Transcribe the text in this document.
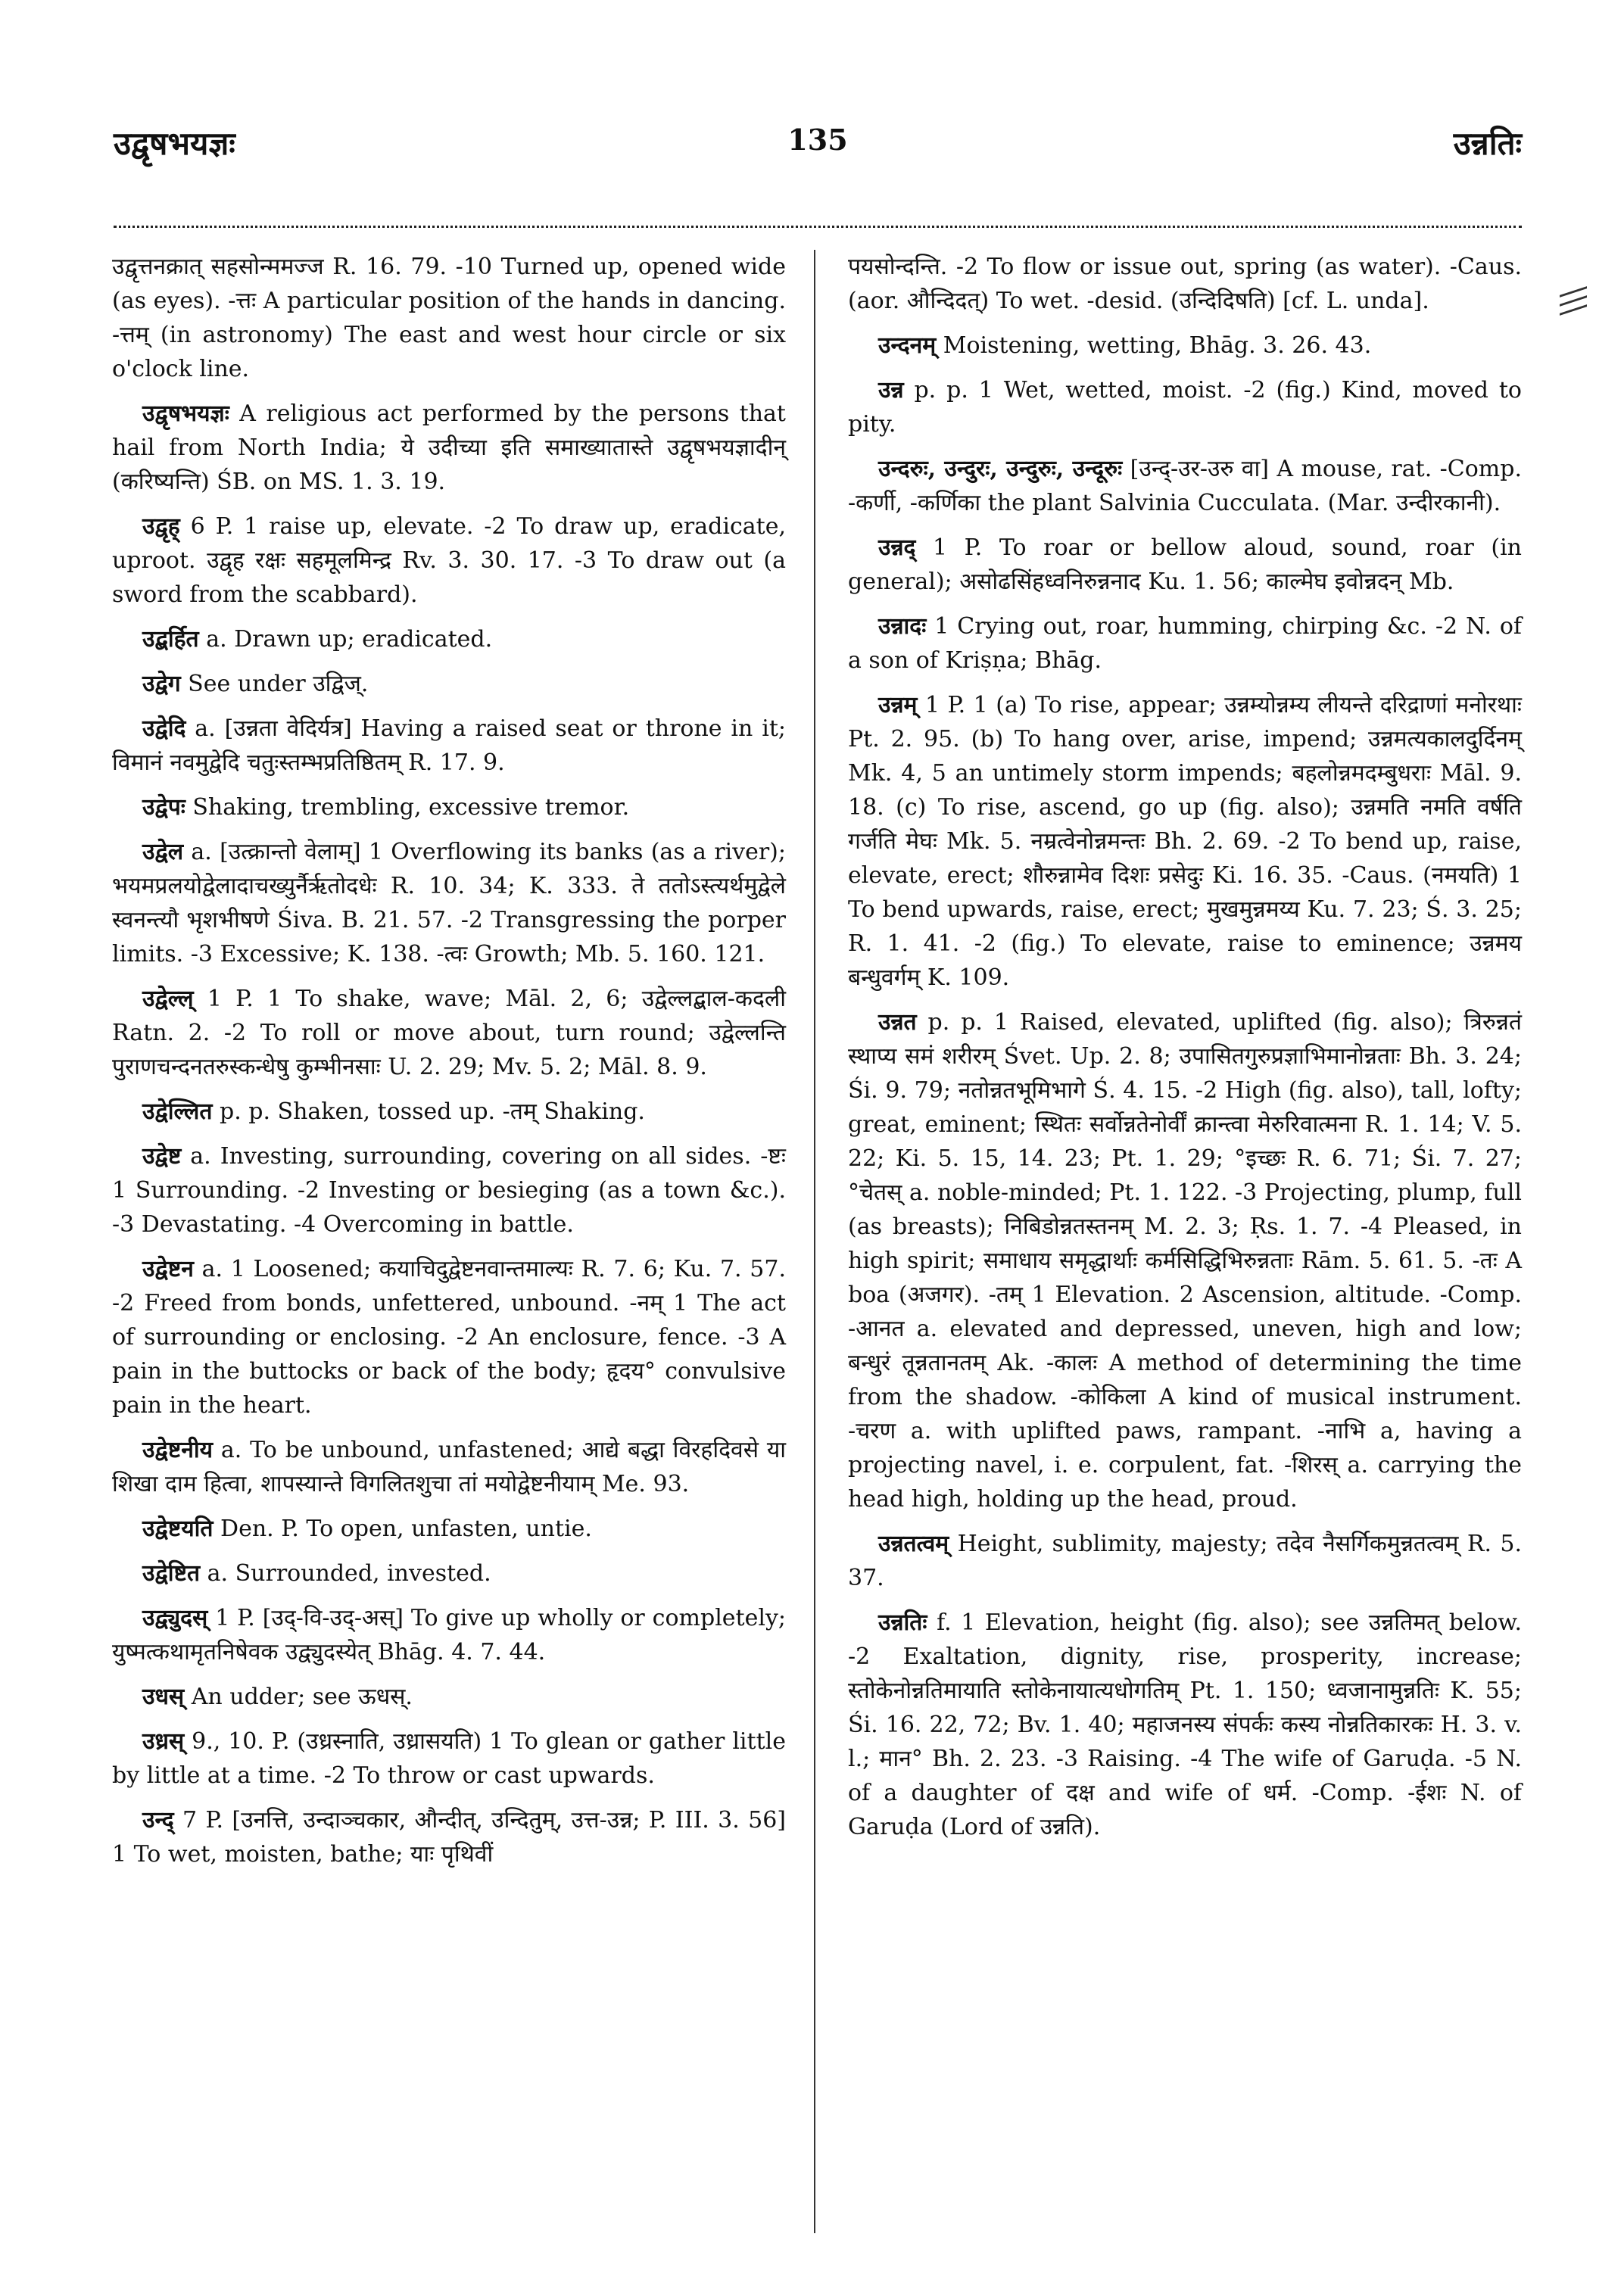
उद्वृषभयज्ञः	135	उन्नतिः

उद्वृत्तनक्रात् सहसोन्ममज्ज R. 16. 79. -10 Turned up, opened wide (as eyes). -त्तः A particular position of the hands in dancing. -त्तम् (in astronomy) The east and west hour circle or six o'clock line.

उद्वृषभयज्ञः A religious act performed by the persons that hail from North India; ये उदीच्या इति समाख्यातास्ते उद्वृषभयज्ञादीन् (करिष्यन्ति) ŚB. on MS. 1. 3. 19.

उद्वृह् 6 P. 1 raise up, elevate. -2 To draw up, eradicate, uproot. उद्वृह रक्षः सहमूलमिन्द्र Rv. 3. 30. 17. -3 To draw out (a sword from the scabbard).

उद्बर्हित a. Drawn up; eradicated.

उद्वेग See under उद्विज्.

उद्वेदि a. [उन्नता वेदिर्यत्र] Having a raised seat or throne in it; विमानं नवमुद्वेदि चतुःस्तम्भप्रतिष्ठितम् R. 17. 9.

उद्वेपः Shaking, trembling, excessive tremor.

उद्वेल a. [उत्क्रान्तो वेलाम्] 1 Overflowing its banks (as a river); भयमप्रलयोद्वेलादाचख्युर्नैर्ऋतोदधेः R. 10. 34; K. 333. ते ततोऽस्त्यर्थमुद्वेले स्वनन्त्यौ भृशभीषणे Śiva. B. 21. 57. -2 Transgressing the porper limits. -3 Excessive; K. 138. -त्वः Growth; Mb. 5. 160. 121.

उद्वेल्ल् 1 P. 1 To shake, wave; Māl. 2, 6; उद्वेल्लद्बाल-कदली Ratn. 2. -2 To roll or move about, turn round; उद्वेल्लन्ति पुराणचन्दनतरुस्कन्धेषु कुम्भीनसाः U. 2. 29; Mv. 5. 2; Māl. 8. 9.

उद्वेल्लित p. p. Shaken, tossed up. -तम् Shaking.

उद्वेष्ट a. Investing, surrounding, covering on all sides. -ष्टः 1 Surrounding. -2 Investing or besieging (as a town &c.). -3 Devastating. -4 Overcoming in battle.

उद्वेष्टन a. 1 Loosened; कयाचिदुद्वेष्टनवान्तमाल्यः R. 7. 6; Ku. 7. 57. -2 Freed from bonds, unfettered, unbound. -नम् 1 The act of surrounding or enclosing. -2 An enclosure, fence. -3 A pain in the buttocks or back of the body; हृदय° convulsive pain in the heart.

उद्वेष्टनीय a. To be unbound, unfastened; आद्ये बद्धा विरहदिवसे या शिखा दाम हित्वा, शापस्यान्ते विगलितशुचा तां मयोद्वेष्टनीयाम् Me. 93.

उद्वेष्टयति Den. P. To open, unfasten, untie.

उद्वेष्टित a. Surrounded, invested.

उद्व्युदस् 1 P. [उद्-वि-उद्-अस्] To give up wholly or completely; युष्मत्कथामृतनिषेवक उद्व्युदस्येत् Bhāg. 4. 7. 44.

उधस् An udder; see ऊधस्.

उध्रस् 9., 10. P. (उध्रस्नाति, उध्रासयति) 1 To glean or gather little by little at a time. -2 To throw or cast upwards.

उन्द् 7 P. [उनत्ति, उन्दाञ्चकार, औन्दीत्, उन्दितुम्, उत्त-उन्न; P. III. 3. 56] 1 To wet, moisten, bathe; याः पृथिवीं

पयसोन्दन्ति. -2 To flow or issue out, spring (as water). -Caus. (aor. औन्दिदत्) To wet. -desid. (उन्दिदिषति) [cf. L. unda].

उन्दनम् Moistening, wetting, Bhāg. 3. 26. 43.

उन्न p. p. 1 Wet, wetted, moist. -2 (fig.) Kind, moved to pity.

उन्दरुः, उन्दुरः, उन्दुरुः, उन्दूरुः [उन्द्-उर-उरु वा] A mouse, rat. -Comp. -कर्णी, -कर्णिका the plant Salvinia Cucculata. (Mar. उन्दीरकानी).

उन्नद् 1 P. To roar or bellow aloud, sound, roar (in general); असोढसिंहध्वनिरुन्ननाद Ku. 1. 56; काल्मेघ इवोन्नदन् Mb.

उन्नादः 1 Crying out, roar, humming, chirping &c. -2 N. of a son of Kriṣṇa; Bhāg.

उन्नम् 1 P. 1 (a) To rise, appear; उन्नम्योन्नम्य लीयन्ते दरिद्राणां मनोरथाः Pt. 2. 95. (b) To hang over, arise, impend; उन्नमत्यकालदुर्दिनम् Mk. 4, 5 an untimely storm impends; बहलोन्नमदम्बुधराः Māl. 9. 18. (c) To rise, ascend, go up (fig. also); उन्नमति नमति वर्षति गर्जति मेघः Mk. 5. नम्रत्वेनोन्नमन्तः Bh. 2. 69. -2 To bend up, raise, elevate, erect; शौरुन्नामेव दिशः प्रसेदुः Ki. 16. 35. -Caus. (नमयति) 1 To bend upwards, raise, erect; मुखमुन्नमय्य Ku. 7. 23; Ś. 3. 25; R. 1. 41. -2 (fig.) To elevate, raise to eminence; उन्नमय बन्धुवर्गम् K. 109.

उन्नत p. p. 1 Raised, elevated, uplifted (fig. also); त्रिरुन्नतं स्थाप्य समं शरीरम् Śvet. Up. 2. 8; उपासितगुरुप्रज्ञाभिमानोन्नताः Bh. 3. 24; Śi. 9. 79; नतोन्नतभूमिभागे Ś. 4. 15. -2 High (fig. also), tall, lofty; great, eminent; स्थितः सर्वोन्नतेनोर्वीं क्रान्त्वा मेरुरिवात्मना R. 1. 14; V. 5. 22; Ki. 5. 15, 14. 23; Pt. 1. 29; °इच्छः R. 6. 71; Śi. 7. 27; °चेतस् a. noble-minded; Pt. 1. 122. -3 Projecting, plump, full (as breasts); निबिडोन्नतस्तनम् M. 2. 3; Ṛs. 1. 7. -4 Pleased, in high spirit; समाधाय समृद्धार्थाः कर्मसिद्धिभिरुन्नताः Rām. 5. 61. 5. -तः A boa (अजगर). -तम् 1 Elevation. 2 Ascension, altitude. -Comp. -आनत a. elevated and depressed, uneven, high and low; बन्धुरं तून्नतानतम् Ak. -कालः A method of determining the time from the shadow. -कोकिला A kind of musical instrument. -चरण a. with uplifted paws, rampant. -नाभि a, having a projecting navel, i. e. corpulent, fat. -शिरस् a. carrying the head high, holding up the head, proud.

उन्नतत्वम् Height, sublimity, majesty; तदेव नैसर्गिकमुन्नतत्वम् R. 5. 37.

उन्नतिः f. 1 Elevation, height (fig. also); see उन्नतिमत् below. -2 Exaltation, dignity, rise, prosperity, increase; स्तोकेनोन्नतिमायाति स्तोकेनायात्यधोगतिम् Pt. 1. 150; ध्वजानामुन्नतिः K. 55; Śi. 16. 22, 72; Bv. 1. 40; महाजनस्य संपर्कः कस्य नोन्नतिकारकः H. 3. v. l.; मान° Bh. 2. 23. -3 Raising. -4 The wife of Garuḍa. -5 N. of a daughter of दक्ष and wife of धर्म. -Comp. -ईशः N. of Garuḍa (Lord of उन्नति).
